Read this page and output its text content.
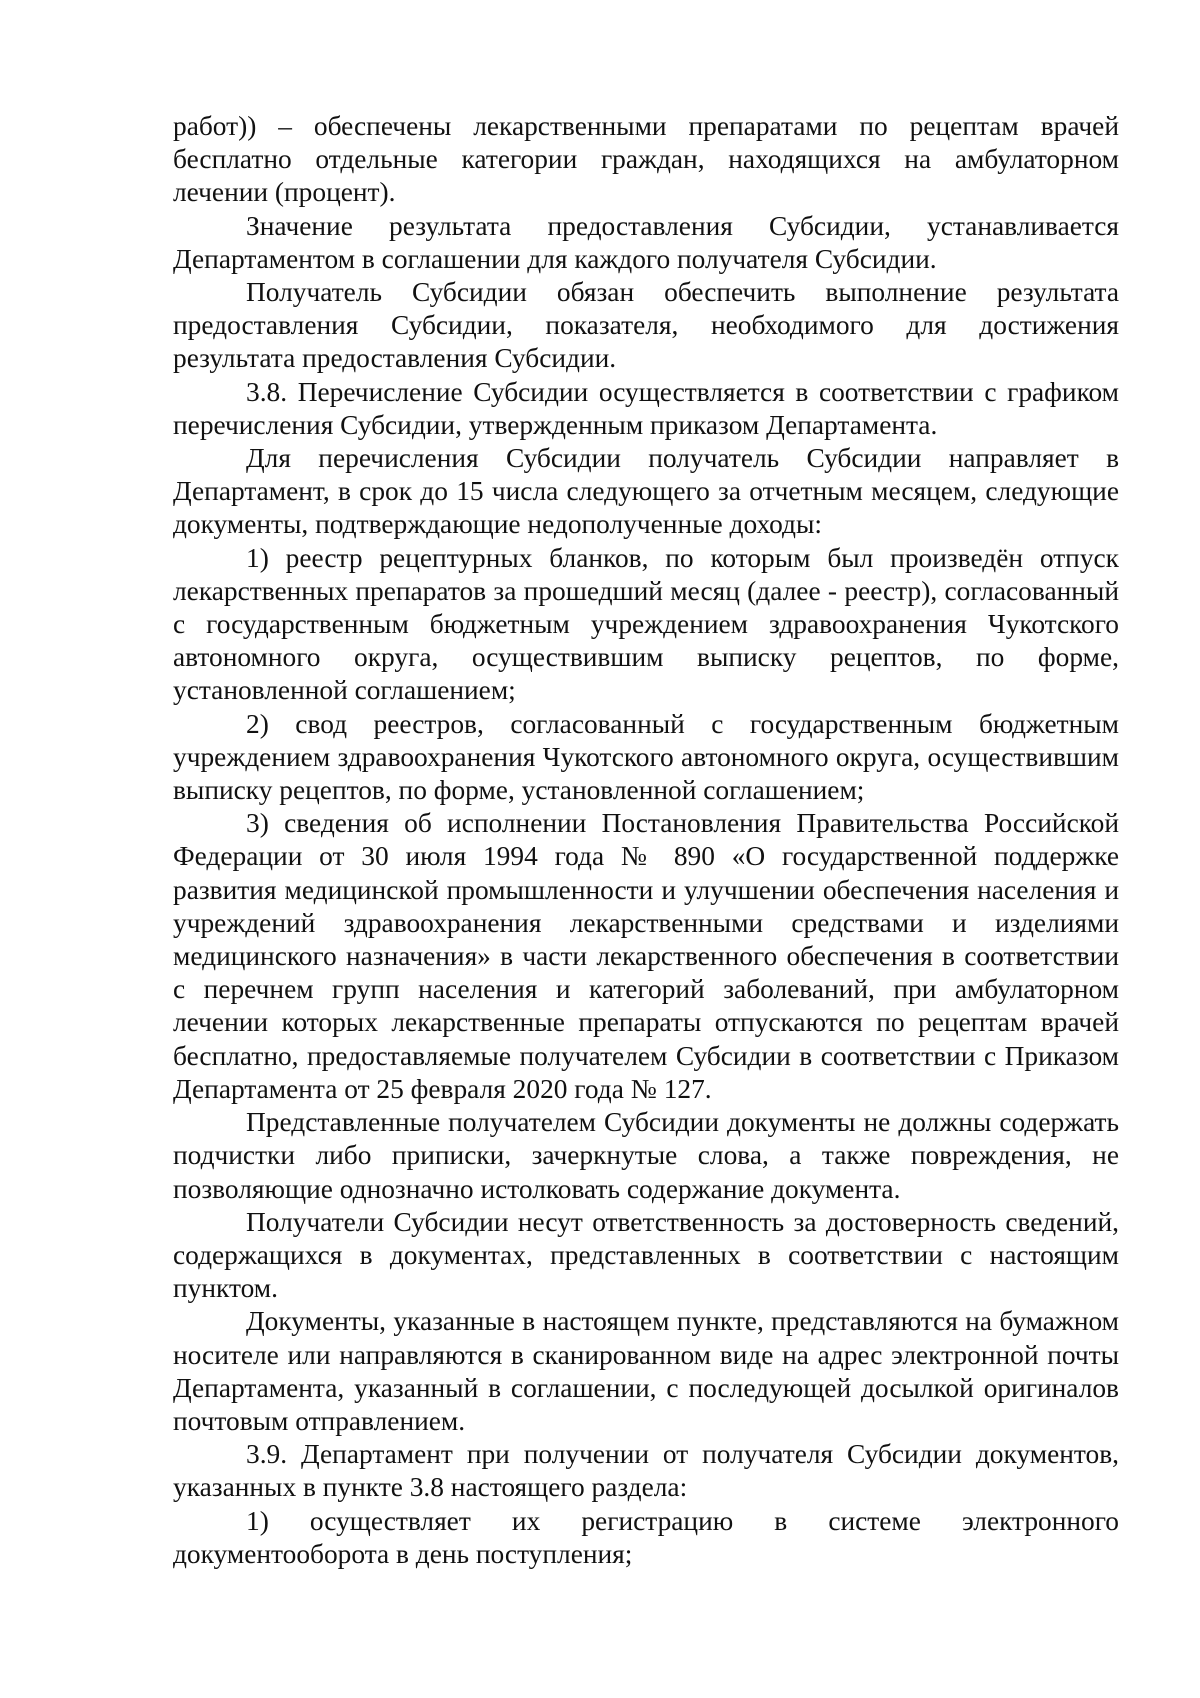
работ)) – обеспечены лекарственными препаратами по рецептам врачей бесплатно отдельные категории граждан, находящихся на амбулаторном лечении (процент).

Значение результата предоставления Субсидии, устанавливается Департаментом в соглашении для каждого получателя Субсидии.

Получатель Субсидии обязан обеспечить выполнение результата предоставления Субсидии, показателя, необходимого для достижения результата предоставления Субсидии.

3.8. Перечисление Субсидии осуществляется в соответствии с графиком перечисления Субсидии, утвержденным приказом Департамента.

Для перечисления Субсидии получатель Субсидии направляет в Департамент, в срок до 15 числа следующего за отчетным месяцем, следующие документы, подтверждающие недополученные доходы:

1) реестр рецептурных бланков, по которым был произведён отпуск лекарственных препаратов за прошедший месяц (далее - реестр), согласованный с государственным бюджетным учреждением здравоохранения Чукотского автономного округа, осуществившим выписку рецептов, по форме, установленной соглашением;

2) свод реестров, согласованный с государственным бюджетным учреждением здравоохранения Чукотского автономного округа, осуществившим выписку рецептов, по форме, установленной соглашением;

3) сведения об исполнении Постановления Правительства Российской Федерации от 30 июля 1994 года № 890 «О государственной поддержке развития медицинской промышленности и улучшении обеспечения населения и учреждений здравоохранения лекарственными средствами и изделиями медицинского назначения» в части лекарственного обеспечения в соответствии с перечнем групп населения и категорий заболеваний, при амбулаторном лечении которых лекарственные препараты отпускаются по рецептам врачей бесплатно, предоставляемые получателем Субсидии в соответствии с Приказом Департамента от 25 февраля 2020 года № 127.

Представленные получателем Субсидии документы не должны содержать подчистки либо приписки, зачеркнутые слова, а также повреждения, не позволяющие однозначно истолковать содержание документа.

Получатели Субсидии несут ответственность за достоверность сведений, содержащихся в документах, представленных в соответствии с настоящим пунктом.

Документы, указанные в настоящем пункте, представляются на бумажном носителе или направляются в сканированном виде на адрес электронной почты Департамента, указанный в соглашении, с последующей досылкой оригиналов почтовым отправлением.

3.9. Департамент при получении от получателя Субсидии документов, указанных в пункте 3.8 настоящего раздела:

1) осуществляет их регистрацию в системе электронного документооборота в день поступления;
